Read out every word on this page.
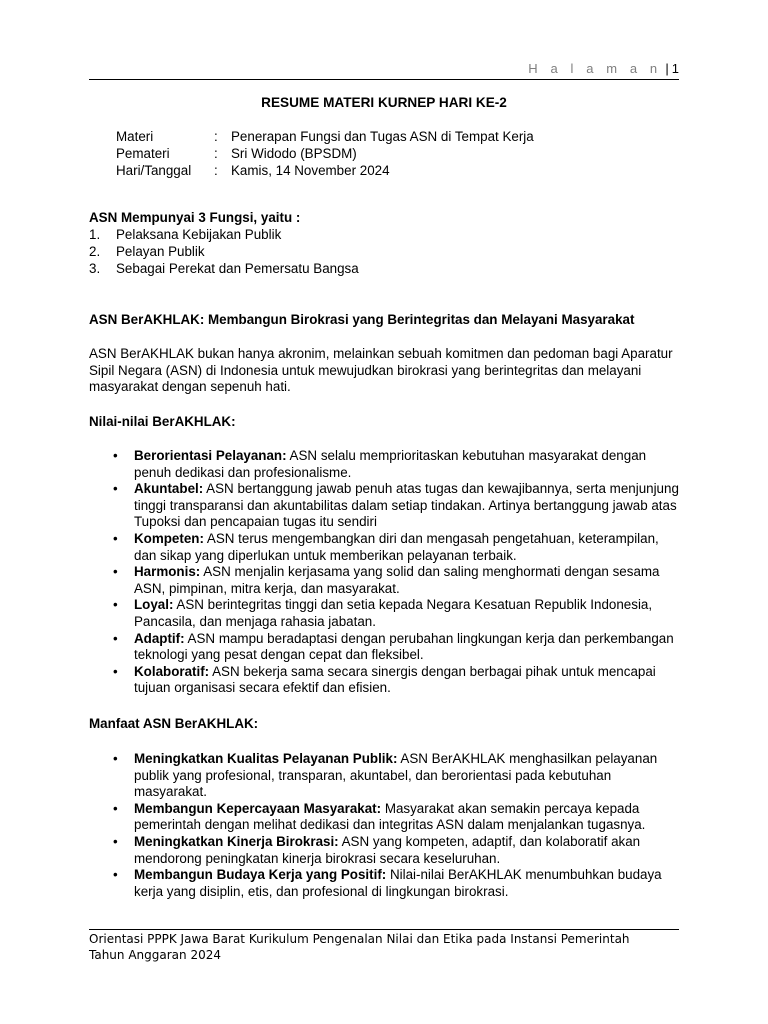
H a l a m a n | 1
RESUME MATERI KURNEP HARI KE-2
Materi	: Penerapan Fungsi dan Tugas ASN di Tempat Kerja
Pemateri	: Sri Widodo (BPSDM)
Hari/Tanggal	: Kamis, 14 November 2024
ASN Mempunyai 3 Fungsi, yaitu :
1.	Pelaksana Kebijakan Publik
2.	Pelayan Publik
3.	Sebagai Perekat dan Pemersatu Bangsa
ASN BerAKHLAK: Membangun Birokrasi yang Berintegritas dan Melayani Masyarakat

ASN BerAKHLAK bukan hanya akronim, melainkan sebuah komitmen dan pedoman bagi Aparatur Sipil Negara (ASN) di Indonesia untuk mewujudkan birokrasi yang berintegritas dan melayani masyarakat dengan sepenuh hati.

Nilai-nilai BerAKHLAK:

• Berorientasi Pelayanan: ASN selalu memprioritaskan kebutuhan masyarakat dengan penuh dedikasi dan profesionalisme.

• Akuntabel: ASN bertanggung jawab penuh atas tugas dan kewajibannya, serta menjunjung tinggi transparansi dan akuntabilitas dalam setiap tindakan. Artinya bertanggung jawab atas Tupoksi dan pencapaian tugas itu sendiri

• Kompeten: ASN terus mengembangkan diri dan mengasah pengetahuan, keterampilan, dan sikap yang diperlukan untuk memberikan pelayanan terbaik.

• Harmonis: ASN menjalin kerjasama yang solid dan saling menghormati dengan sesama ASN, pimpinan, mitra kerja, dan masyarakat.

• Loyal: ASN berintegritas tinggi dan setia kepada Negara Kesatuan Republik Indonesia, Pancasila, dan menjaga rahasia jabatan.

• Adaptif: ASN mampu beradaptasi dengan perubahan lingkungan kerja dan perkembangan teknologi yang pesat dengan cepat dan fleksibel.

• Kolaboratif: ASN bekerja sama secara sinergis dengan berbagai pihak untuk mencapai tujuan organisasi secara efektif dan efisien.

Manfaat ASN BerAKHLAK:

• Meningkatkan Kualitas Pelayanan Publik: ASN BerAKHLAK menghasilkan pelayanan publik yang profesional, transparan, akuntabel, dan berorientasi pada kebutuhan masyarakat.

• Membangun Kepercayaan Masyarakat: Masyarakat akan semakin percaya kepada pemerintah dengan melihat dedikasi dan integritas ASN dalam menjalankan tugasnya.

• Meningkatkan Kinerja Birokrasi: ASN yang kompeten, adaptif, dan kolaboratif akan mendorong peningkatan kinerja birokrasi secara keseluruhan.

• Membangun Budaya Kerja yang Positif: Nilai-nilai BerAKHLAK menumbuhkan budaya kerja yang disiplin, etis, dan profesional di lingkungan birokrasi.

Orientasi PPPK Jawa Barat Kurikulum Pengenalan Nilai dan Etika pada Instansi Pemerintah
Tahun Anggaran 2024
